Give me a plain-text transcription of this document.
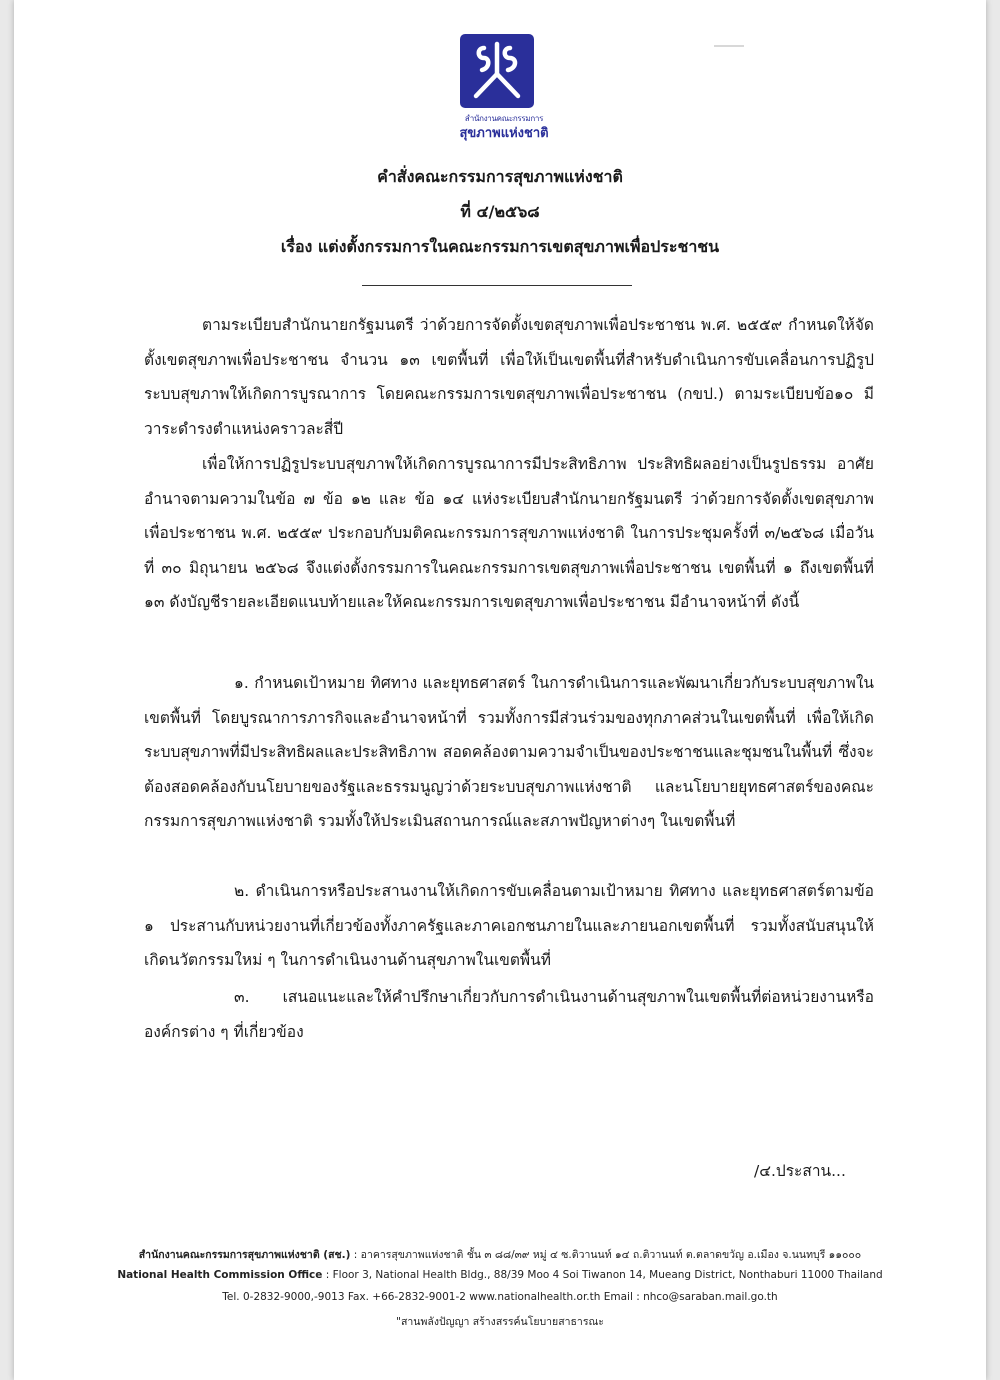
สำนักงานคณะกรรมการ
สุขภาพแห่งชาติ
คำสั่งคณะกรรมการสุขภาพแห่งชาติ
ที่ ๔/๒๕๖๘
เรื่อง แต่งตั้งกรรมการในคณะกรรมการเขตสุขภาพเพื่อประชาชน
ตามระเบียบสำนักนายกรัฐมนตรี ว่าด้วยการจัดตั้งเขตสุขภาพเพื่อประชาชน พ.ศ. ๒๕๕๙ กำหนดให้จัดตั้งเขตสุขภาพเพื่อประชาชน จำนวน ๑๓ เขตพื้นที่ เพื่อให้เป็นเขตพื้นที่สำหรับดำเนินการขับเคลื่อนการปฏิรูประบบสุขภาพให้เกิดการบูรณาการ โดยคณะกรรมการเขตสุขภาพเพื่อประชาชน (กขป.) ตามระเบียบข้อ๑๐ มีวาระดำรงตำแหน่งคราวละสี่ปี
เพื่อให้การปฏิรูประบบสุขภาพให้เกิดการบูรณาการมีประสิทธิภาพ ประสิทธิผลอย่างเป็นรูปธรรม อาศัยอำนาจตามความในข้อ ๗ ข้อ ๑๒ และ ข้อ ๑๔ แห่งระเบียบสำนักนายกรัฐมนตรี ว่าด้วยการจัดตั้งเขตสุขภาพเพื่อประชาชน พ.ศ. ๒๕๕๙ ประกอบกับมติคณะกรรมการสุขภาพแห่งชาติ ในการประชุมครั้งที่ ๓/๒๕๖๘ เมื่อวันที่ ๓๐ มิถุนายน ๒๕๖๘ จึงแต่งตั้งกรรมการในคณะกรรมการเขตสุขภาพเพื่อประชาชน เขตพื้นที่ ๑ ถึงเขตพื้นที่ ๑๓ ดังบัญชีรายละเอียดแนบท้ายและให้คณะกรรมการเขตสุขภาพเพื่อประชาชน มีอำนาจหน้าที่ ดังนี้
๑. กำหนดเป้าหมาย ทิศทาง และยุทธศาสตร์ ในการดำเนินการและพัฒนาเกี่ยวกับระบบสุขภาพในเขตพื้นที่ โดยบูรณาการภารกิจและอำนาจหน้าที่ รวมทั้งการมีส่วนร่วมของทุกภาคส่วนในเขตพื้นที่ เพื่อให้เกิดระบบสุขภาพที่มีประสิทธิผลและประสิทธิภาพ สอดคล้องตามความจำเป็นของประชาชนและชุมชนในพื้นที่ ซึ่งจะต้องสอดคล้องกับนโยบายของรัฐและธรรมนูญว่าด้วยระบบสุขภาพแห่งชาติ และนโยบายยุทธศาสตร์ของคณะกรรมการสุขภาพแห่งชาติ รวมทั้งให้ประเมินสถานการณ์และสภาพปัญหาต่างๆ ในเขตพื้นที่
๒. ดำเนินการหรือประสานงานให้เกิดการขับเคลื่อนตามเป้าหมาย ทิศทาง และยุทธศาสตร์ตามข้อ ๑ ประสานกับหน่วยงานที่เกี่ยวข้องทั้งภาครัฐและภาคเอกชนภายในและภายนอกเขตพื้นที่ รวมทั้งสนับสนุนให้เกิดนวัตกรรมใหม่ ๆ ในการดำเนินงานด้านสุขภาพในเขตพื้นที่
๓. เสนอแนะและให้คำปรึกษาเกี่ยวกับการดำเนินงานด้านสุขภาพในเขตพื้นที่ต่อหน่วยงานหรือองค์กรต่าง ๆ ที่เกี่ยวข้อง
/๔.ประสาน...
สำนักงานคณะกรรมการสุขภาพแห่งชาติ (สช.) : อาคารสุขภาพแห่งชาติ ชั้น ๓ ๘๘/๓๙ หมู่ ๔ ซ.ติวานนท์ ๑๔ ถ.ติวานนท์ ต.ตลาดขวัญ อ.เมือง จ.นนทบุรี ๑๑๐๐๐
National Health Commission Office : Floor 3, National Health Bldg., 88/39 Moo 4 Soi Tiwanon 14, Mueang District, Nonthaburi 11000 Thailand
Tel. 0-2832-9000,-9013 Fax. +66-2832-9001-2 www.nationalhealth.or.th Email : nhco@saraban.mail.go.th
"สานพลังปัญญา สร้างสรรค์นโยบายสาธารณะ
